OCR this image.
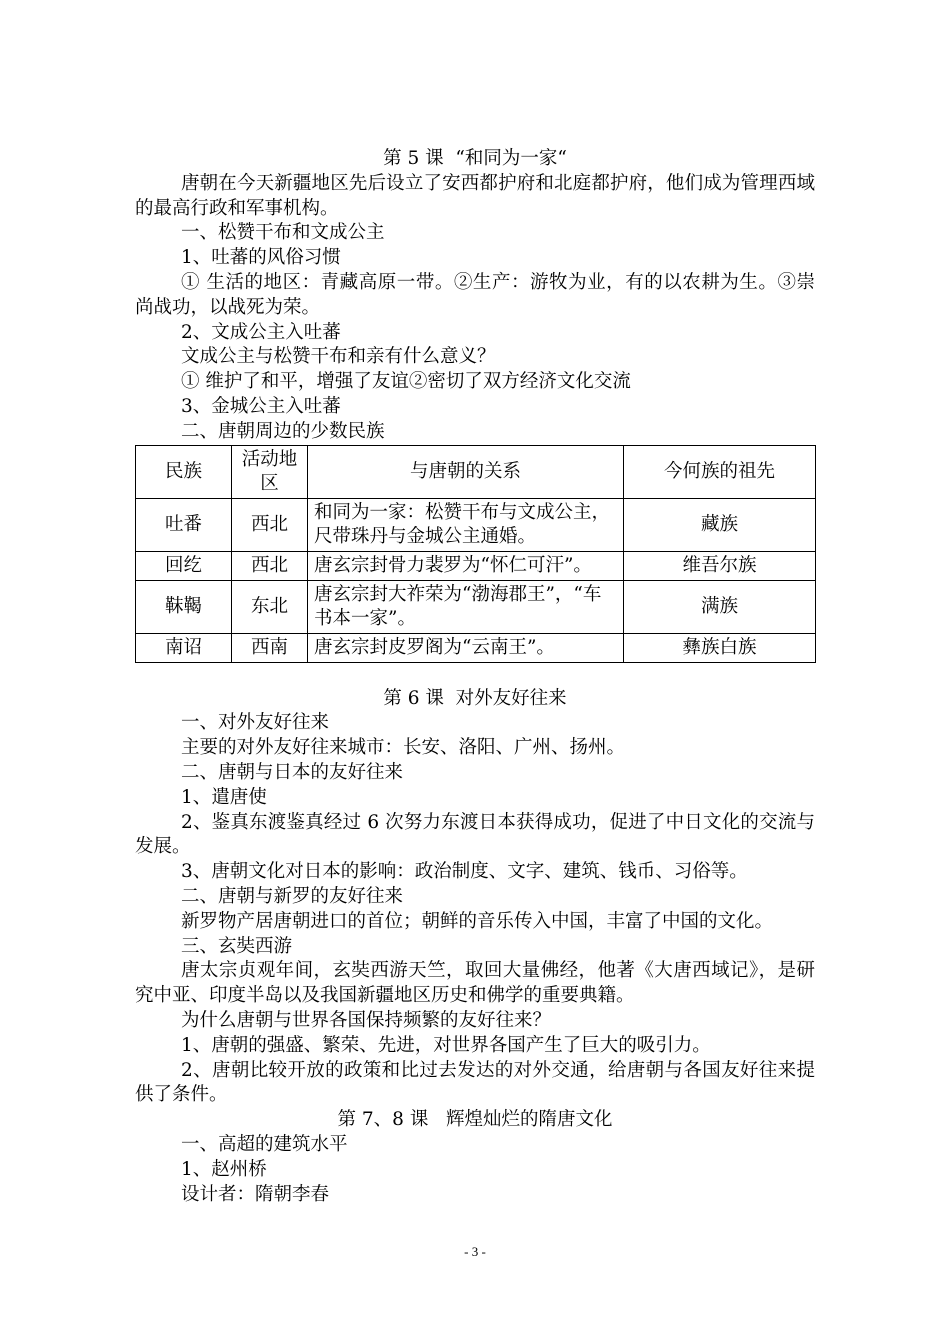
第 5 课  “和同为一家“
唐朝在今天新疆地区先后设立了安西都护府和北庭都护府，他们成为管理西域的最高行政和军事机构。
一、松赞干布和文成公主
1、吐蕃的风俗习惯
① 生活的地区：青藏高原一带。②生产：游牧为业，有的以农耕为生。③崇尚战功，以战死为荣。
2、文成公主入吐蕃
文成公主与松赞干布和亲有什么意义？
① 维护了和平，增强了友谊②密切了双方经济文化交流
3、金城公主入吐蕃
二、唐朝周边的少数民族
民族	活动地区	与唐朝的关系	今何族的祖先
吐番	西北	和同为一家：松赞干布与文成公主，尺带珠丹与金城公主通婚。	藏族
回纥	西北	唐玄宗封骨力裴罗为“怀仁可汗”。	维吾尔族
靺鞨	东北	唐玄宗封大祚荣为“渤海郡王”，“车书本一家”。	满族
南诏	西南	唐玄宗封皮罗阁为“云南王”。	彝族白族
第 6 课  对外友好往来
一、对外友好往来
主要的对外友好往来城市：长安、洛阳、广州、扬州。
二、唐朝与日本的友好往来
1、遣唐使
2、鉴真东渡鉴真经过 6 次努力东渡日本获得成功，促进了中日文化的交流与发展。
3、唐朝文化对日本的影响：政治制度、文字、建筑、钱币、习俗等。
二、唐朝与新罗的友好往来
新罗物产居唐朝进口的首位；朝鲜的音乐传入中国，丰富了中国的文化。
三、玄奘西游
唐太宗贞观年间，玄奘西游天竺，取回大量佛经，他著《大唐西域记》，是研究中亚、印度半岛以及我国新疆地区历史和佛学的重要典籍。
为什么唐朝与世界各国保持频繁的友好往来？
1、唐朝的强盛、繁荣、先进，对世界各国产生了巨大的吸引力。
2、唐朝比较开放的政策和比过去发达的对外交通，给唐朝与各国友好往来提供了条件。
第 7、8 课   辉煌灿烂的隋唐文化
一、高超的建筑水平
1、赵州桥
设计者：隋朝李春
- 3 -
